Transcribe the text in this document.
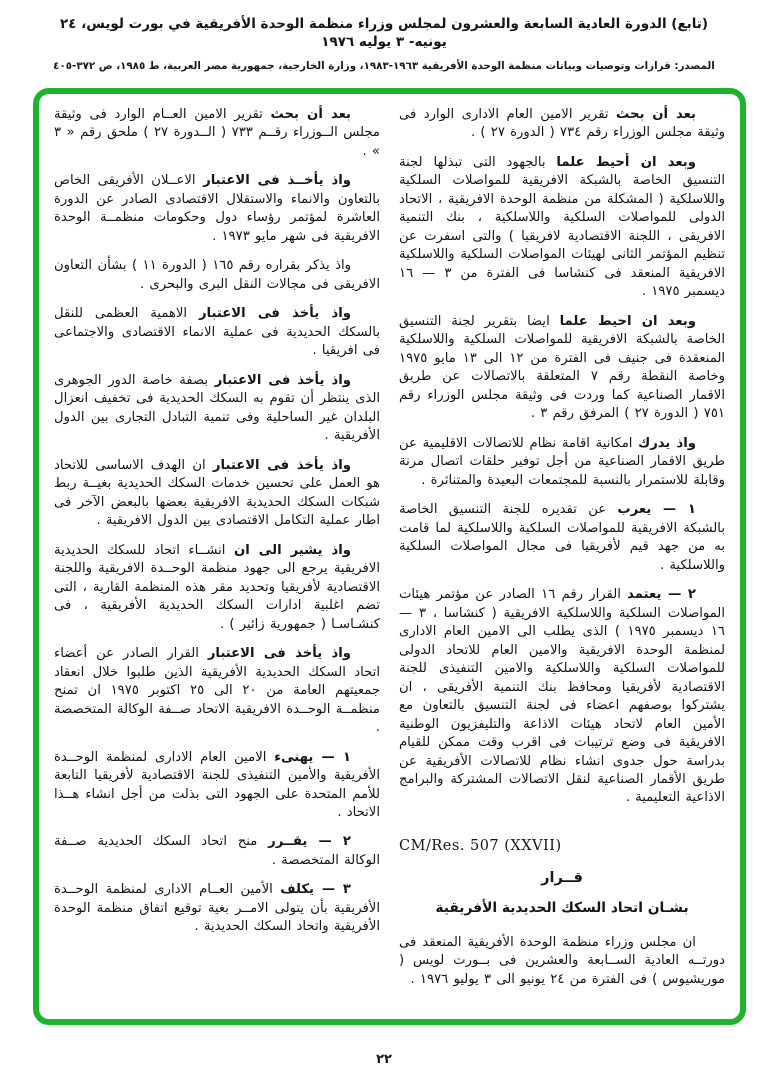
(تابع) الدورة العادية السابعة والعشرون لمجلس وزراء منظمة الوحدة الأفريقية في بورت لويس، ٢٤ يونيه- ٣ يوليه ١٩٧٦
المصدر: قرارات وتوصيات وبيانات منظمة الوحدة الأفريقية ١٩٦٣-١٩٨٣، وزارة الخارجية، جمهورية مصر العربية، ط ١٩٨٥، ص ٣٧٢-٤٠٥

بعد أن بحث تقرير الامين العام الادارى الوارد فى وثيقة مجلس الوزراء رقم ٧٣٤ ( الدورة ٢٧ ) .

وبعد ان أحيط علما بالجهود التى تبذلها لجنة التنسيق الخاصة بالشبكة الافريقية للمواصلات السلكية واللاسلكية ( المشكلة من منظمة الوحدة الافريقية ، الاتحاد الدولى للمواصلات السلكية واللاسلكية ، بنك التنمية الافريقى ، اللجنة الاقتصادية لافريقيا ) والتى اسفرت عن تنظيم المؤتمر الثانى لهيئات المواصلات السلكية واللاسلكية الافريقية المنعقد فى كنشاسا فى الفترة من ٣ — ١٦ ديسمبر ١٩٧٥ .

وبعد ان احيط علما ايضا بتقرير لجنة التنسيق الخاصة بالشبكة الافريقية للمواصلات السلكية واللاسلكية المنعقدة فى جنيف فى الفترة من ١٢ الى ١٣ مايو ١٩٧٥ وخاصة النقطة رقم ٧ المتعلقة بالاتصالات عن طريق الاقمار الصناعية كما وردت فى وثيقة مجلس الوزراء رقم ٧٥١ ( الدورة ٢٧ ) المرفق رقم ٣ .

واذ يدرك امكانية اقامة نظام للاتصالات الاقليمية عن طريق الاقمار الصناعية من أجل توفير حلقات اتصال مرنة وقابلة للاستمرار بالنسبة للمجتمعات البعيدة والمتناثرة .

١ — يعرب عن تقديره للجنة التنسيق الخاصة بالشبكة الافريقية للمواصلات السلكية واللاسلكية لما قامت به من جهد قيم لأفريقيا فى مجال المواصلات السلكية واللاسلكية .

٢ — يعتمد القرار رقم ١٦ الصادر عن مؤتمر هيئات المواصلات السلكية واللاسلكية الافريقية ( كنشاسا ، ٣ — ١٦ ديسمبر ١٩٧٥ ) الذى يطلب الى الامين العام الادارى لمنظمة الوحدة الافريقية والامين العام للاتحاد الدولى للمواصلات السلكية واللاسلكية والامين التنفيذى للجنة الاقتصادية لأفريقيا ومحافظ بنك التنمية الأفريقى ، ان يشتركوا بوصفهم اعضاء فى لجنة التنسيق بالتعاون مع الأمين العام لاتحاد هيئات الاذاعة والتليفزيون الوطنية الافريقية فى وضع ترتيبات فى اقرب وقت ممكن للقيام بدراسة حول جدوى انشاء نظام للاتصالات الأفريقية عن طريق الأقمار الصناعية لنقل الاتصالات المشتركة والبرامج الاذاعية التعليمية .

CM/Res. 507 (XXVII)

قــرار

بشـان اتحاد السكك الحديدية الأفريقية

ان مجلس وزراء منظمة الوحدة الأفريقية المنعقد فى دورتــه العادية الســابعة والعشرين فى بــورت لويس ( موريشيوس ) فى الفترة من ٢٤ يونيو الى ٣ يوليو ١٩٧٦ .

بعد أن بحث تقرير الامين العــام الوارد فى وثيقة مجلس الــوزراء رقــم ٧٣٣ ( الــدورة ٢٧ ) ملحق رقم « ٣ » .

واذ يأخــذ فى الاعتبار الاعــلان الأفريقى الخاص بالتعاون والانماء والاستقلال الاقتصادى الصادر عن الدورة العاشرة لمؤتمر رؤساء دول وحكومات منظمــة الوحدة الافريقية فى شهر مايو ١٩٧٣ .

واذ يذكر بقراره رقم ١٦٥ ( الدورة ١١ ) بشأن التعاون الافريقى فى مجالات النقل البرى والبحرى .

واذ يأخذ فى الاعتبار الاهمية العظمى للنقل بالسكك الحديدية فى عملية الانماء الاقتصادى والاجتماعى فى افريقيا .

واذ يأخذ فى الاعتبار بصفة خاصة الدور الجوهرى الذى ينتظر أن تقوم به السكك الحديدية فى تخفيف انعزال البلدان غير الساحلية وفى تنمية التبادل التجارى بين الدول الأفريقية .

واذ يأخذ فى الاعتبار ان الهدف الاساسى للاتحاد هو العمل على تحسين خدمات السكك الحديدية بغيــة ربط شبكات السكك الحديدية الافريقية بعضها بالبعض الآخر فى اطار عملية التكامل الاقتصادى بين الدول الافريقية .

واذ يشير الى ان انشــاء اتحاد للسكك الحديدية الافريقية يرجع الى جهود منظمة الوحــدة الافريقية واللجنة الاقتصادية لأفريقيا وتحديد مقر هذه المنظمة القارية ، التى تضم اغلبية ادارات السكك الحديدية الأفريقية ، فى كنشـاسـا ( جمهورية زائير ) .

واذ يأخذ فى الاعتبار القرار الصادر عن أعضاء اتحاد السكك الحديدية الأفريقية الذين طلبوا خلال انعقاد جمعيتهم العامة من ٢٠ الى ٢٥ اكتوبر ١٩٧٥ ان تمنح منظمــة الوحــدة الافريقية الاتحاد صــفة الوكالة المتخصصة .

١ — يهنىء الامين العام الادارى لمنظمة الوحــدة الأفريقية والأمين التنفيذى للجنة الاقتصادية لأفريقيا التابعة للأمم المتحدة على الجهود التى بذلت من أجل انشاء هــذا الاتحاد .

٢ — يقــرر منح اتحاد السكك الحديدية صــفة الوكالة المتخصصة .

٣ — يكلف الأمين العــام الادارى لمنظمة الوحــدة الأفريقية بأن يتولى الامــر بغية توقيع اتفاق منظمة الوحدة الأفريقية واتحاد السكك الحديدية .

٢٢
